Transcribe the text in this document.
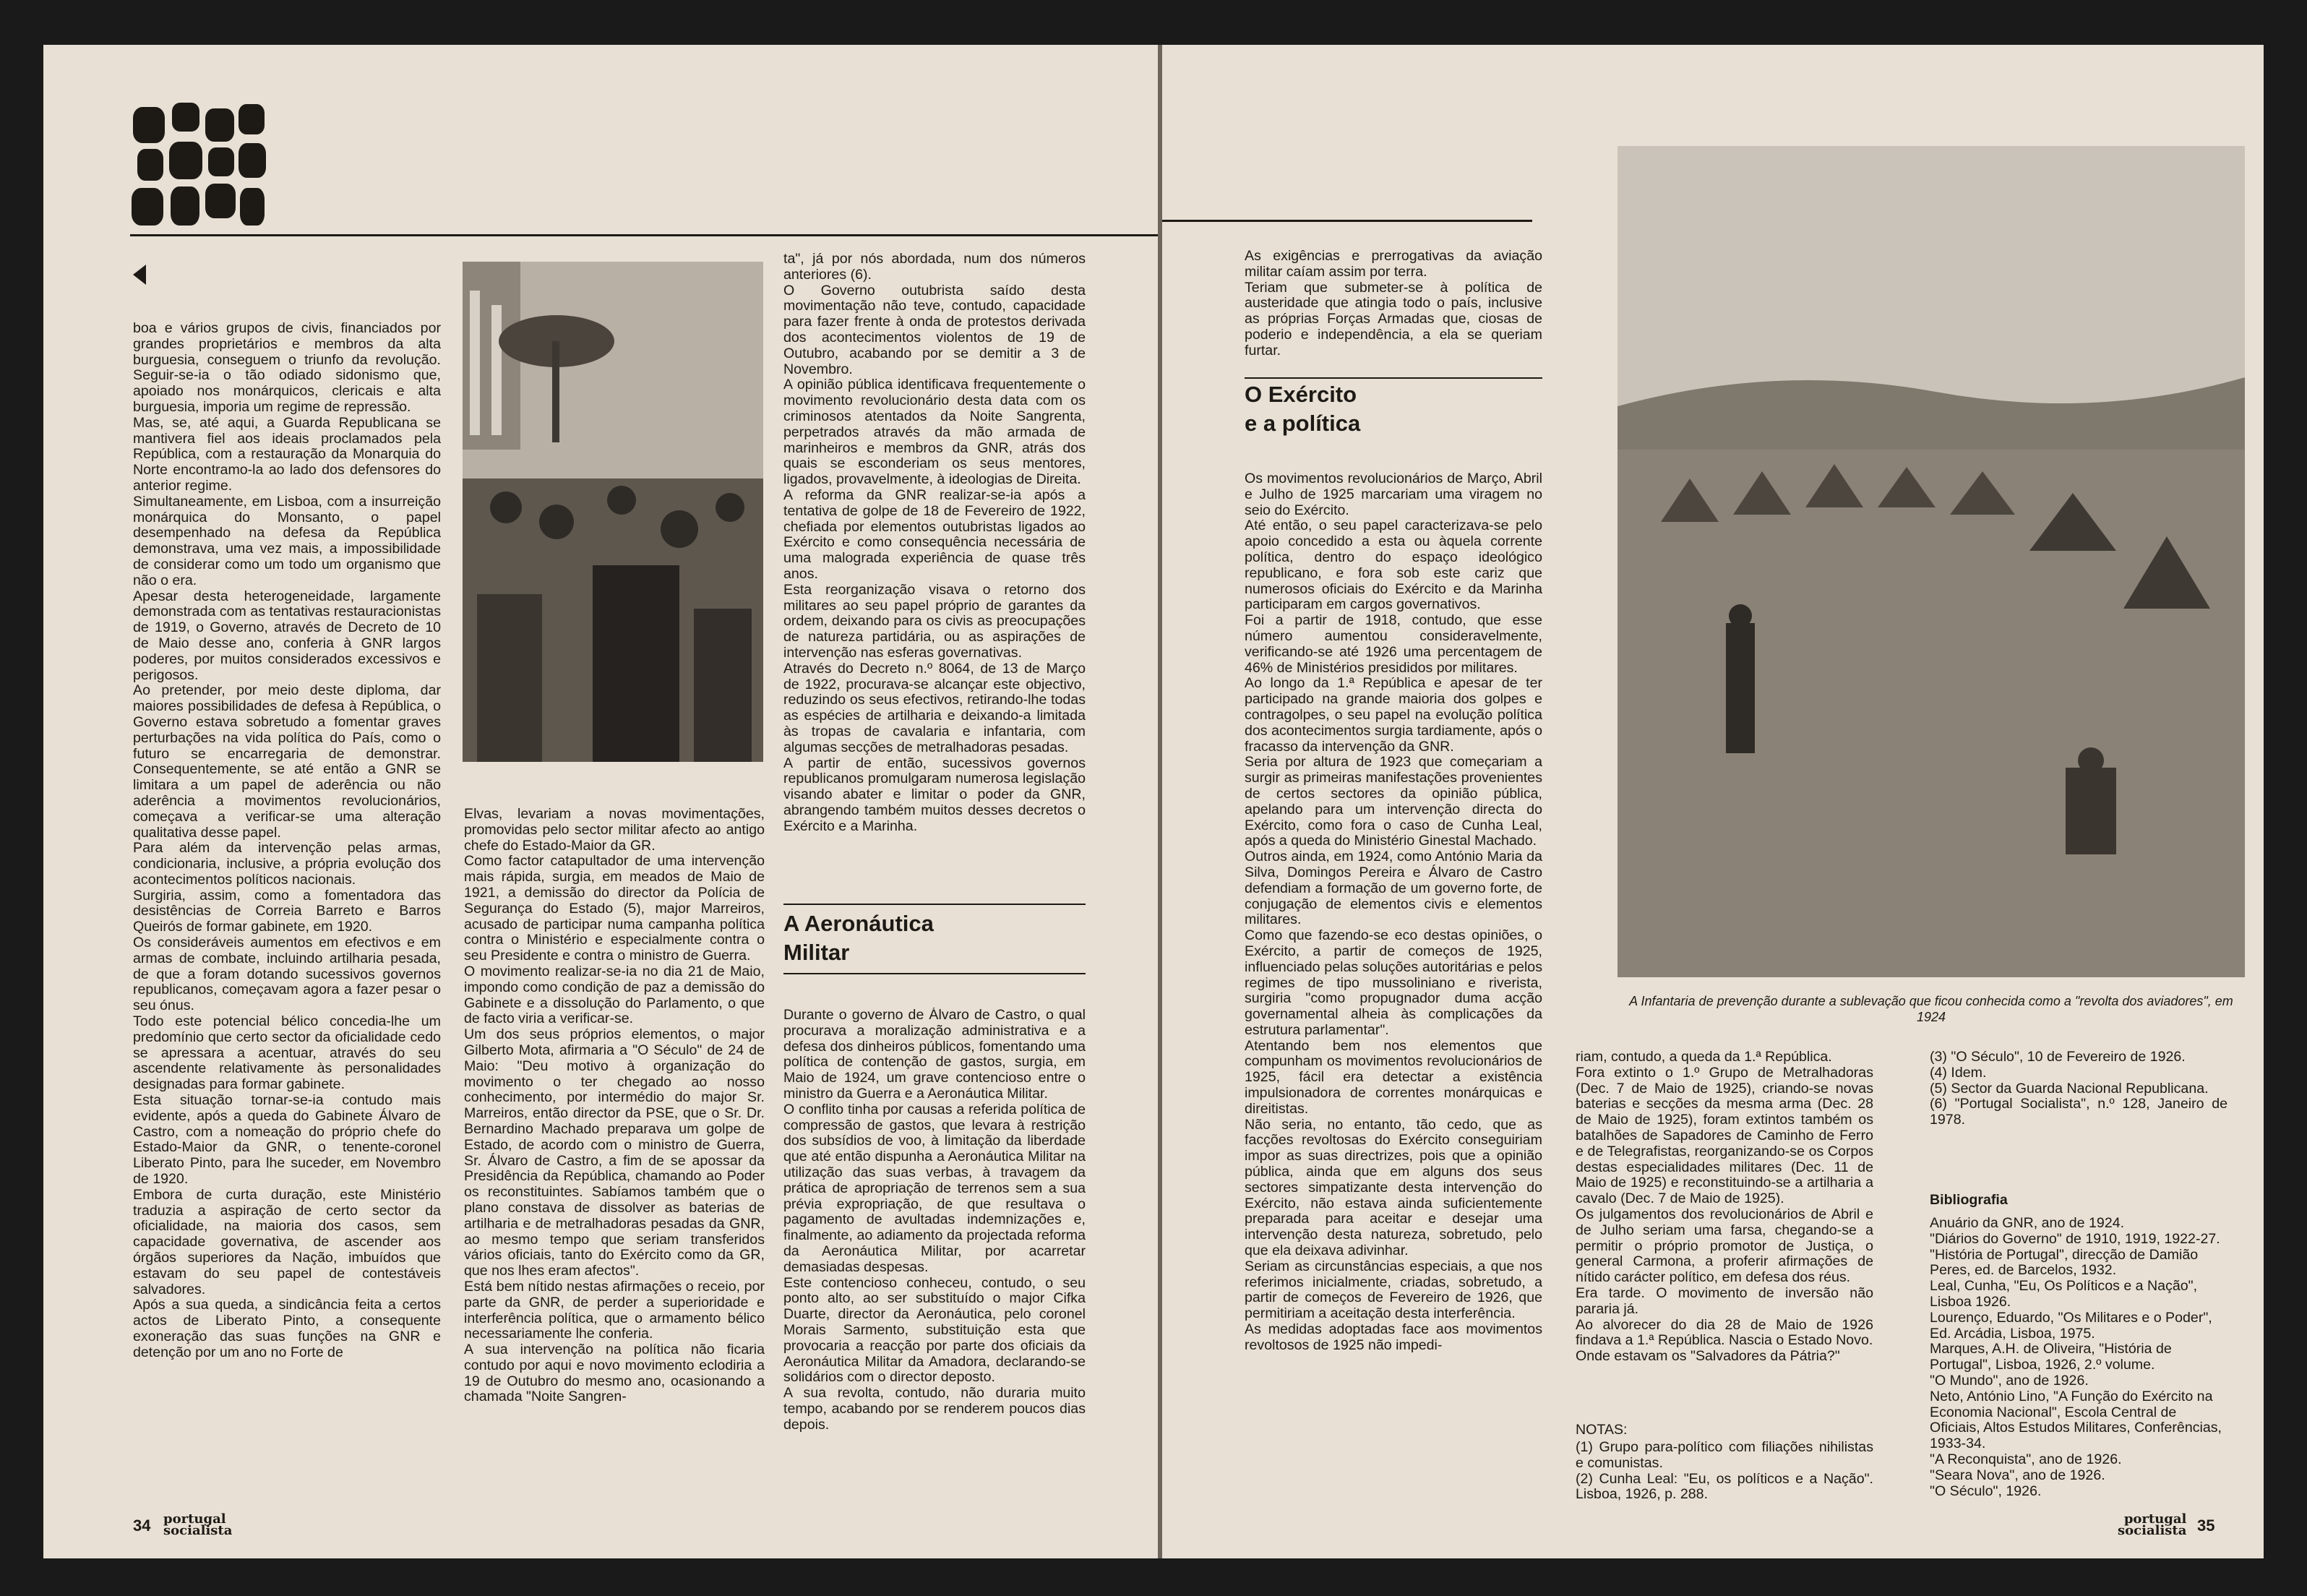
boa e vários grupos de civis, financiados por grandes proprietários e membros da alta burguesia, conseguem o triunfo da revolução. Seguir-se-ia o tão odiado sidonismo que, apoiado nos monárquicos, clericais e alta burguesia, imporia um regime de repressão.
Mas, se, até aqui, a Guarda Republicana se mantivera fiel aos ideais proclamados pela República, com a restauração da Monarquia do Norte encontramo-la ao lado dos defensores do anterior regime.
Simultaneamente, em Lisboa, com a insurreição monárquica do Monsanto, o papel desempenhado na defesa da República demonstrava, uma vez mais, a impossibilidade de considerar como um todo um organismo que não o era.
Apesar desta heterogeneidade, largamente demonstrada com as tentativas restauracionistas de 1919, o Governo, através de Decreto de 10 de Maio desse ano, conferia à GNR largos poderes, por muitos considerados excessivos e perigosos.
Ao pretender, por meio deste diploma, dar maiores possibilidades de defesa à República, o Governo estava sobretudo a fomentar graves perturbações na vida política do País, como o futuro se encarregaria de demonstrar. Consequentemente, se até então a GNR se limitara a um papel de aderência ou não aderência a movimentos revolucionários, começava a verificar-se uma alteração qualitativa desse papel.
Para além da intervenção pelas armas, condicionaria, inclusive, a própria evolução dos acontecimentos políticos nacionais.
Surgiria, assim, como a fomentadora das desistências de Correia Barreto e Barros Queirós de formar gabinete, em 1920.
Os consideráveis aumentos em efectivos e em armas de combate, incluindo artilharia pesada, de que a foram dotando sucessivos governos republicanos, começavam agora a fazer pesar o seu ónus.
Todo este potencial bélico concedia-lhe um predomínio que certo sector da oficialidade cedo se apressara a acentuar, através do seu ascendente relativamente às personalidades designadas para formar gabinete.
Esta situação tornar-se-ia contudo mais evidente, após a queda do Gabinete Álvaro de Castro, com a nomeação do próprio chefe do Estado-Maior da GNR, o tenente-coronel Liberato Pinto, para lhe suceder, em Novembro de 1920.
Embora de curta duração, este Ministério traduzia a aspiração de certo sector da oficialidade, na maioria dos casos, sem capacidade governativa, de ascender aos órgãos superiores da Nação, imbuídos que estavam do seu papel de contestáveis salvadores.
Após a sua queda, a sindicância feita a certos actos de Liberato Pinto, a consequente exoneração das suas funções na GNR e detenção por um ano no Forte de
Elvas, levariam a novas movimentações, promovidas pelo sector militar afecto ao antigo chefe do Estado-Maior da GR.
Como factor catapultador de uma intervenção mais rápida, surgia, em meados de Maio de 1921, a demissão do director da Polícia de Segurança do Estado (5), major Marreiros, acusado de participar numa campanha política contra o Ministério e especialmente contra o seu Presidente e contra o ministro de Guerra.
O movimento realizar-se-ia no dia 21 de Maio, impondo como condição de paz a demissão do Gabinete e a dissolução do Parlamento, o que de facto viria a verificar-se.
Um dos seus próprios elementos, o major Gilberto Mota, afirmaria a "O Século" de 24 de Maio: "Deu motivo à organização do movimento o ter chegado ao nosso conhecimento, por intermédio do major Sr. Marreiros, então director da PSE, que o Sr. Dr. Bernardino Machado preparava um golpe de Estado, de acordo com o ministro de Guerra, Sr. Álvaro de Castro, a fim de se apossar da Presidência da República, chamando ao Poder os reconstituintes. Sabíamos também que o plano constava de dissolver as baterias de artilharia e de metralhadoras pesadas da GNR, ao mesmo tempo que seriam transferidos vários oficiais, tanto do Exército como da GR, que nos lhes eram afectos".
Está bem nítido nestas afirmações o receio, por parte da GNR, de perder a superioridade e interferência política, que o armamento bélico necessariamente lhe conferia.
A sua intervenção na política não ficaria contudo por aqui e novo movimento eclodiria a 19 de Outubro do mesmo ano, ocasionando a chamada "Noite Sangren-
ta", já por nós abordada, num dos números anteriores (6).
O Governo outubrista saído desta movimentação não teve, contudo, capacidade para fazer frente à onda de protestos derivada dos acontecimentos violentos de 19 de Outubro, acabando por se demitir a 3 de Novembro.
A opinião pública identificava frequentemente o movimento revolucionário desta data com os criminosos atentados da Noite Sangrenta, perpetrados através da mão armada de marinheiros e membros da GNR, atrás dos quais se esconderiam os seus mentores, ligados, provavelmente, à ideologias de Direita.
A reforma da GNR realizar-se-ia após a tentativa de golpe de 18 de Fevereiro de 1922, chefiada por elementos outubristas ligados ao Exército e como consequência necessária de uma malograda experiência de quase três anos.
Esta reorganização visava o retorno dos militares ao seu papel próprio de garantes da ordem, deixando para os civis as preocupações de natureza partidária, ou as aspirações de intervenção nas esferas governativas.
Através do Decreto n.º 8064, de 13 de Março de 1922, procurava-se alcançar este objectivo, reduzindo os seus efectivos, retirando-lhe todas as espécies de artilharia e deixando-a limitada às tropas de cavalaria e infantaria, com algumas secções de metralhadoras pesadas.
A partir de então, sucessivos governos republicanos promulgaram numerosa legislação visando abater e limitar o poder da GNR, abrangendo também muitos desses decretos o Exército e a Marinha.
A Aeronáutica
Militar
Durante o governo de Álvaro de Castro, o qual procurava a moralização administrativa e a defesa dos dinheiros públicos, fomentando uma política de contenção de gastos, surgia, em Maio de 1924, um grave contencioso entre o ministro da Guerra e a Aeronáutica Militar.
O conflito tinha por causas a referida política de compressão de gastos, que levara à restrição dos subsídios de voo, à limitação da liberdade que até então dispunha a Aeronáutica Militar na utilização das suas verbas, à travagem da prática de apropriação de terrenos sem a sua prévia expropriação, de que resultava o pagamento de avultadas indemnizações e, finalmente, ao adiamento da projectada reforma da Aeronáutica Militar, por acarretar demasiadas despesas.
Este contencioso conheceu, contudo, o seu ponto alto, ao ser substituído o major Cifka Duarte, director da Aeronáutica, pelo coronel Morais Sarmento, substituição esta que provocaria a reacção por parte dos oficiais da Aeronáutica Militar da Amadora, declarando-se solidários com o director deposto.
A sua revolta, contudo, não duraria muito tempo, acabando por se renderem poucos dias depois.
34 portugal
socialista
As exigências e prerrogativas da aviação militar caíam assim por terra.
Teriam que submeter-se à política de austeridade que atingia todo o país, inclusive as próprias Forças Armadas que, ciosas de poderio e independência, a ela se queriam furtar.
O Exército
e a política
Os movimentos revolucionários de Março, Abril e Julho de 1925 marcariam uma viragem no seio do Exército.
Até então, o seu papel caracterizava-se pelo apoio concedido a esta ou àquela corrente política, dentro do espaço ideológico republicano, e fora sob este cariz que numerosos oficiais do Exército e da Marinha participaram em cargos governativos.
Foi a partir de 1918, contudo, que esse número aumentou consideravelmente, verificando-se até 1926 uma percentagem de 46% de Ministérios presididos por militares.
Ao longo da 1.ª República e apesar de ter participado na grande maioria dos golpes e contragolpes, o seu papel na evolução política dos acontecimentos surgia tardiamente, após o fracasso da intervenção da GNR.
Seria por altura de 1923 que começariam a surgir as primeiras manifestações provenientes de certos sectores da opinião pública, apelando para um intervenção directa do Exército, como fora o caso de Cunha Leal, após a queda do Ministério Ginestal Machado.
Outros ainda, em 1924, como António Maria da Silva, Domingos Pereira e Álvaro de Castro defendiam a formação de um governo forte, de conjugação de elementos civis e elementos militares.
Como que fazendo-se eco destas opiniões, o Exército, a partir de começos de 1925, influenciado pelas soluções autoritárias e pelos regimes de tipo mussoliniano e riverista, surgiria "como propugnador duma acção governamental alheia às complicações da estrutura parlamentar".
Atentando bem nos elementos que compunham os movimentos revolucionários de 1925, fácil era detectar a existência impulsionadora de correntes monárquicas e direitistas.
Não seria, no entanto, tão cedo, que as facções revoltosas do Exército conseguiriam impor as suas directrizes, pois que a opinião pública, ainda que em alguns dos seus sectores simpatizante desta intervenção do Exército, não estava ainda suficientemente preparada para aceitar e desejar uma intervenção desta natureza, sobretudo, pelo que ela deixava adivinhar.
Seriam as circunstâncias especiais, a que nos referimos inicialmente, criadas, sobretudo, a partir de começos de Fevereiro de 1926, que permitiriam a aceitação desta interferência.
As medidas adoptadas face aos movimentos revoltosos de 1925 não impedi-
A Infantaria de prevenção durante a sublevação que ficou conhecida como a "revolta dos aviadores", em 1924
riam, contudo, a queda da 1.ª República.
Fora extinto o 1.º Grupo de Metralhadoras (Dec. 7 de Maio de 1925), criando-se novas baterias e secções da mesma arma (Dec. 28 de Maio de 1925), foram extintos também os batalhões de Sapadores de Caminho de Ferro e de Telegrafistas, reorganizando-se os Corpos destas especialidades militares (Dec. 11 de Maio de 1925) e reconstituindo-se a artilharia a cavalo (Dec. 7 de Maio de 1925).
Os julgamentos dos revolucionários de Abril e de Julho seriam uma farsa, chegando-se a permitir o próprio promotor de Justiça, o general Carmona, a proferir afirmações de nítido carácter político, em defesa dos réus.
Era tarde. O movimento de inversão não pararia já.
Ao alvorecer do dia 28 de Maio de 1926 findava a 1.ª República. Nascia o Estado Novo.
Onde estavam os "Salvadores da Pátria?"
NOTAS:
(1) Grupo para-político com filiações nihilistas e comunistas.
(2) Cunha Leal: "Eu, os políticos e a Nação". Lisboa, 1926, p. 288.
(3) "O Século", 10 de Fevereiro de 1926.
(4) Idem.
(5) Sector da Guarda Nacional Republicana.
(6) "Portugal Socialista", n.º 128, Janeiro de 1978.
Bibliografia
Anuário da GNR, ano de 1924.
"Diários do Governo" de 1910, 1919, 1922-27.
"História de Portugal", direcção de Damião Peres, ed. de Barcelos, 1932.
Leal, Cunha, "Eu, Os Políticos e a Nação", Lisboa 1926.
Lourenço, Eduardo, "Os Militares e o Poder", Ed. Arcádia, Lisboa, 1975.
Marques, A.H. de Oliveira, "História de Portugal", Lisboa, 1926, 2.º volume.
"O Mundo", ano de 1926.
Neto, António Lino, "A Função do Exército na Economia Nacional", Escola Central de Oficiais, Altos Estudos Militares, Conferências, 1933-34.
"A Reconquista", ano de 1926.
"Seara Nova", ano de 1926.
"O Século", 1926.
portugal
socialista 35
